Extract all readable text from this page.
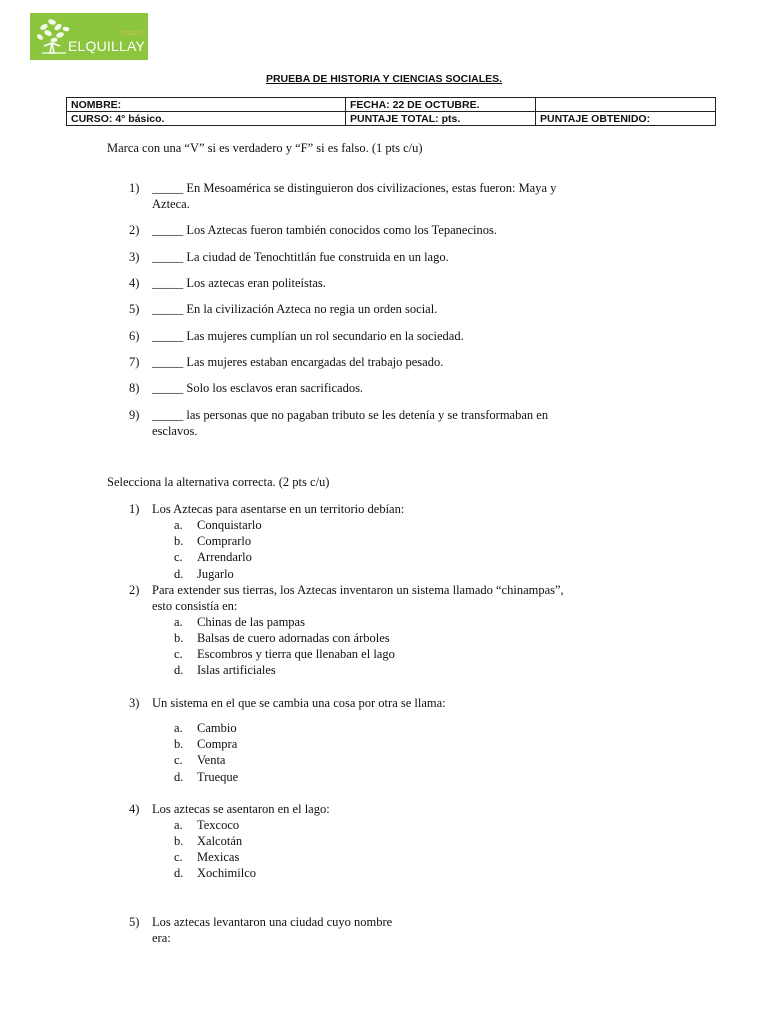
COLEGIO
ELQUILLAY
PRUEBA DE HISTORIA Y CIENCIAS SOCIALES.
NOMBRE:	FECHA: 22 DE OCTUBRE.	
CURSO: 4° básico.	PUNTAJE TOTAL: pts.	PUNTAJE OBTENIDO:
Marca con una “V” si es verdadero y “F” si es falso. (1 pts c/u)
1) _____ En Mesoamérica se distinguieron dos civilizaciones, estas fueron: Maya y
Azteca.
2) _____ Los Aztecas fueron también conocidos como los Tepanecinos.
3) _____ La ciudad de Tenochtitlán fue construida en un lago.
4) _____ Los aztecas eran politeístas.
5) _____ En la civilización Azteca no regia un orden social.
6) _____ Las mujeres cumplían un rol secundario en la sociedad.
7) _____ Las mujeres estaban encargadas del trabajo pesado.
8) _____ Solo los esclavos eran sacrificados.
9) _____ las personas que no pagaban tributo se les detenía y se transformaban en
esclavos.
Selecciona la alternativa correcta. (2 pts c/u)
1) Los Aztecas para asentarse en un territorio debían:
a. Conquistarlo
b. Comprarlo
c. Arrendarlo
d. Jugarlo
2) Para extender sus tierras, los Aztecas inventaron un sistema llamado “chinampas”,
esto consistía en:
a. Chinas de las pampas
b. Balsas de cuero adornadas con árboles
c. Escombros y tierra que llenaban el lago
d. Islas artificiales
3) Un sistema en el que se cambia una cosa por otra se llama:
a. Cambio
b. Compra
c. Venta
d. Trueque
4) Los aztecas se asentaron en el lago:
a. Texcoco
b. Xalcotán
c. Mexicas
d. Xochimilco
5) Los aztecas levantaron una ciudad cuyo nombre
era:
